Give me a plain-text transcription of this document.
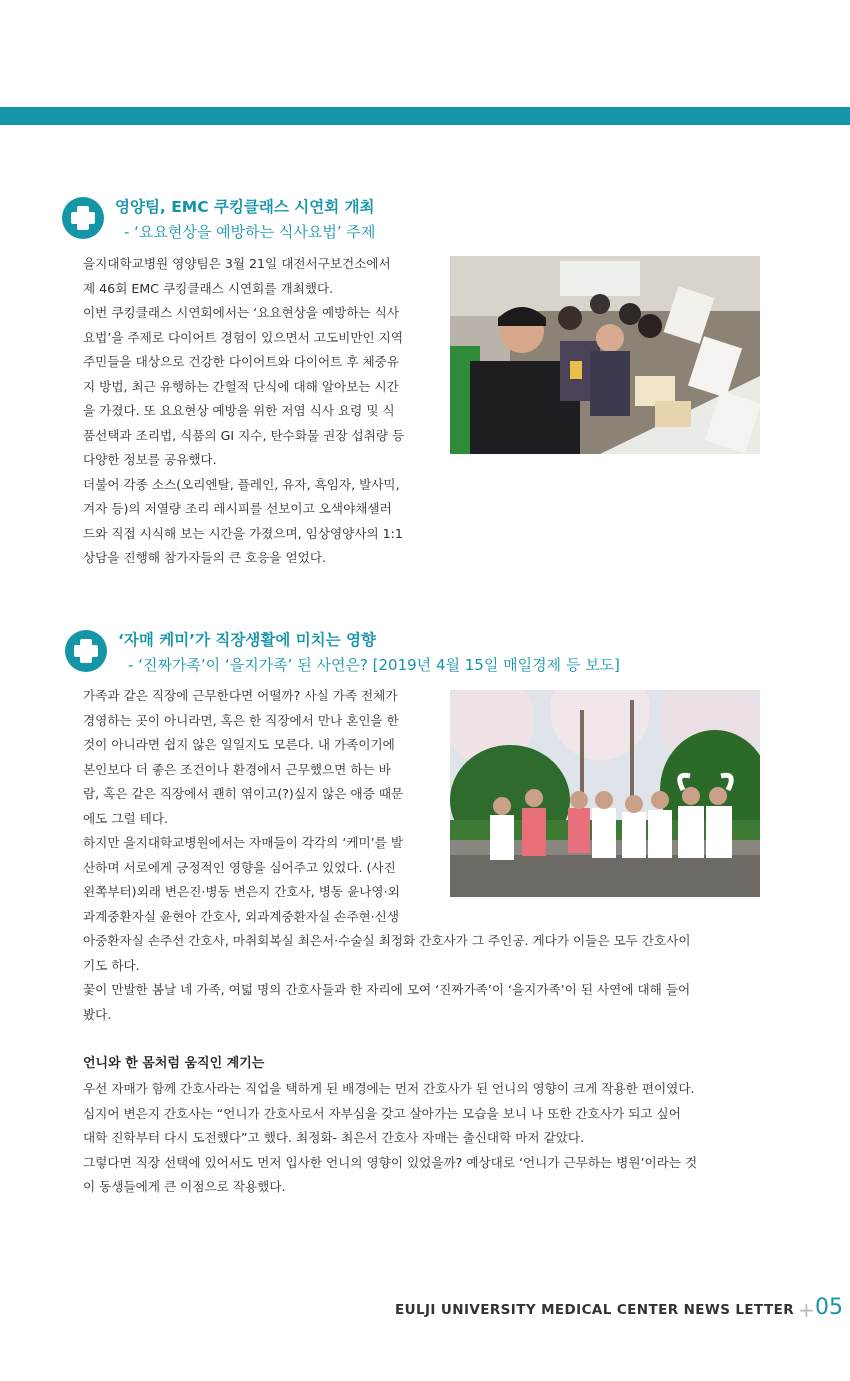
영양팀, EMC 쿠킹클래스 시연회 개최
- ‘요요현상을 예방하는 식사요법’ 주제
을지대학교병원 영양팀은 3월 21일 대전서구보건소에서
제 46회 EMC 쿠킹클래스 시연회를 개최했다.
이번 쿠킹클래스 시연회에서는 ‘요요현상을 예방하는 식사
요법’을 주제로 다이어트 경험이 있으면서 고도비만인 지역
주민들을 대상으로 건강한 다이어트와 다이어트 후 체중유
지 방법, 최근 유행하는 간헐적 단식에 대해 알아보는 시간
을 가졌다. 또 요요현상 예방을 위한 저염 식사 요령 및 식
품선택과 조리법, 식품의 GI 지수, 탄수화물 권장 섭취량 등
다양한 정보를 공유했다.
더불어 각종 소스(오리엔탈, 플레인, 유자, 흑임자, 발사믹,
겨자 등)의 저열량 조리 레시피를 선보이고 오색야채샐러
드와 직접 시식해 보는 시간을 가졌으며, 임상영양사의 1:1
상담을 진행해 참가자들의 큰 호응을 얻었다.
‘자매 케미’가 직장생활에 미치는 영향
- ‘진짜가족’이 ‘을지가족’ 된 사연은? [2019년 4월 15일 매일경제 등 보도]
가족과 같은 직장에 근무한다면 어떨까? 사실 가족 전체가
경영하는 곳이 아니라면, 혹은 한 직장에서 만나 혼인을 한
것이 아니라면 쉽지 않은 일일지도 모른다. 내 가족이기에
본인보다 더 좋은 조건이나 환경에서 근무했으면 하는 바
람, 혹은 같은 직장에서 괜히 엮이고(?)싶지 않은 애증 때문
에도 그럴 테다.
하지만 을지대학교병원에서는 자매들이 각각의 ‘케미’를 발
산하며 서로에게 긍정적인 영향을 심어주고 있었다. (사진
왼쪽부터)외래 변은진·병동 변은지 간호사, 병동 윤나영·외
과계중환자실 윤현아 간호사, 외과계중환자실 손주현·신생
아중환자실 손주선 간호사, 마취회복실 최은서·수술실 최정화 간호사가 그 주인공. 게다가 이들은 모두 간호사이
기도 하다.
꽃이 만발한 봄날 네 가족, 여덟 명의 간호사들과 한 자리에 모여 ‘진짜가족’이 ‘을지가족’이 된 사연에 대해 들어
봤다.
언니와 한 몸처럼 움직인 계기는
우선 자매가 함께 간호사라는 직업을 택하게 된 배경에는 먼저 간호사가 된 언니의 영향이 크게 작용한 편이였다.
심지어 변은지 간호사는 “언니가 간호사로서 자부심을 갖고 살아가는 모습을 보니 나 또한 간호사가 되고 싶어
대학 진학부터 다시 도전했다”고 했다. 최정화- 최은서 간호사 자매는 출신대학 마저 같았다.
그렇다면 직장 선택에 있어서도 먼저 입사한 언니의 영향이 있었을까? 예상대로 ‘언니가 근무하는 병원’이라는 것
이 동생들에게 큰 이점으로 작용했다.
EULJI UNIVERSITY MEDICAL CENTER NEWS LETTER + 05
